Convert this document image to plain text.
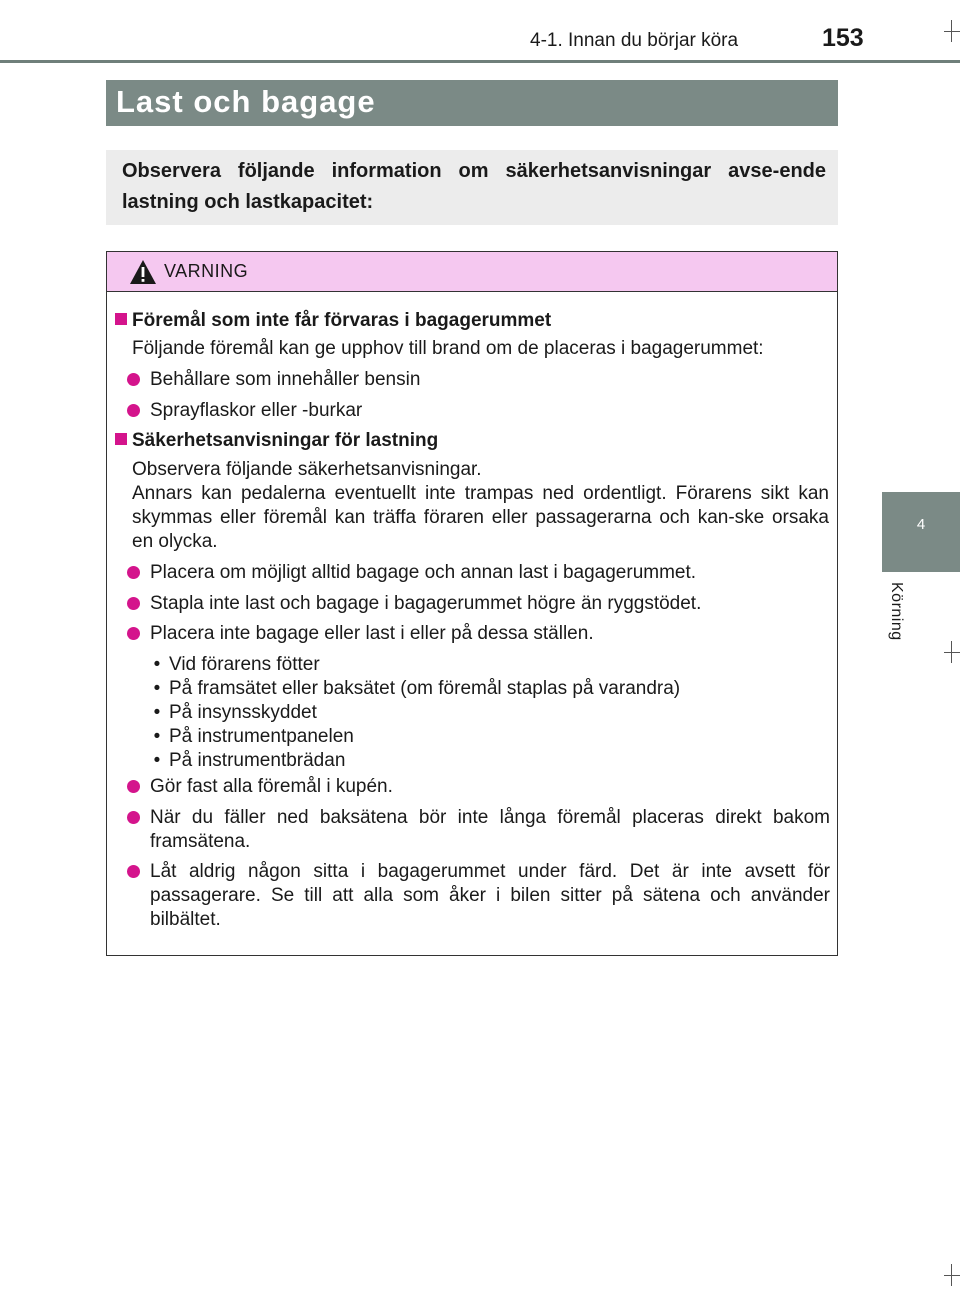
4-1. Innan du börjar köra	153
4
Körning
Last och bagage
Observera följande information om säkerhetsanvisningar avse-ende lastning och lastkapacitet:
VARNING
Föremål som inte får förvaras i bagagerummet
Följande föremål kan ge upphov till brand om de placeras i bagagerummet:
Behållare som innehåller bensin
Sprayflaskor eller -burkar
Säkerhetsanvisningar för lastning
Observera följande säkerhetsanvisningar.
Annars kan pedalerna eventuellt inte trampas ned ordentligt. Förarens sikt kan skymmas eller föremål kan träffa föraren eller passagerarna och kan-ske orsaka en olycka.
Placera om möjligt alltid bagage och annan last i bagagerummet.
Stapla inte last och bagage i bagagerummet högre än ryggstödet.
Placera inte bagage eller last i eller på dessa ställen.
• Vid förarens fötter
• På framsätet eller baksätet (om föremål staplas på varandra)
• På insynsskyddet
• På instrumentpanelen
• På instrumentbrädan
Gör fast alla föremål i kupén.
När du fäller ned baksätena bör inte långa föremål placeras direkt bakom framsätena.
Låt aldrig någon sitta i bagagerummet under färd. Det är inte avsett för passagerare. Se till att alla som åker i bilen sitter på sätena och använder bilbältet.
